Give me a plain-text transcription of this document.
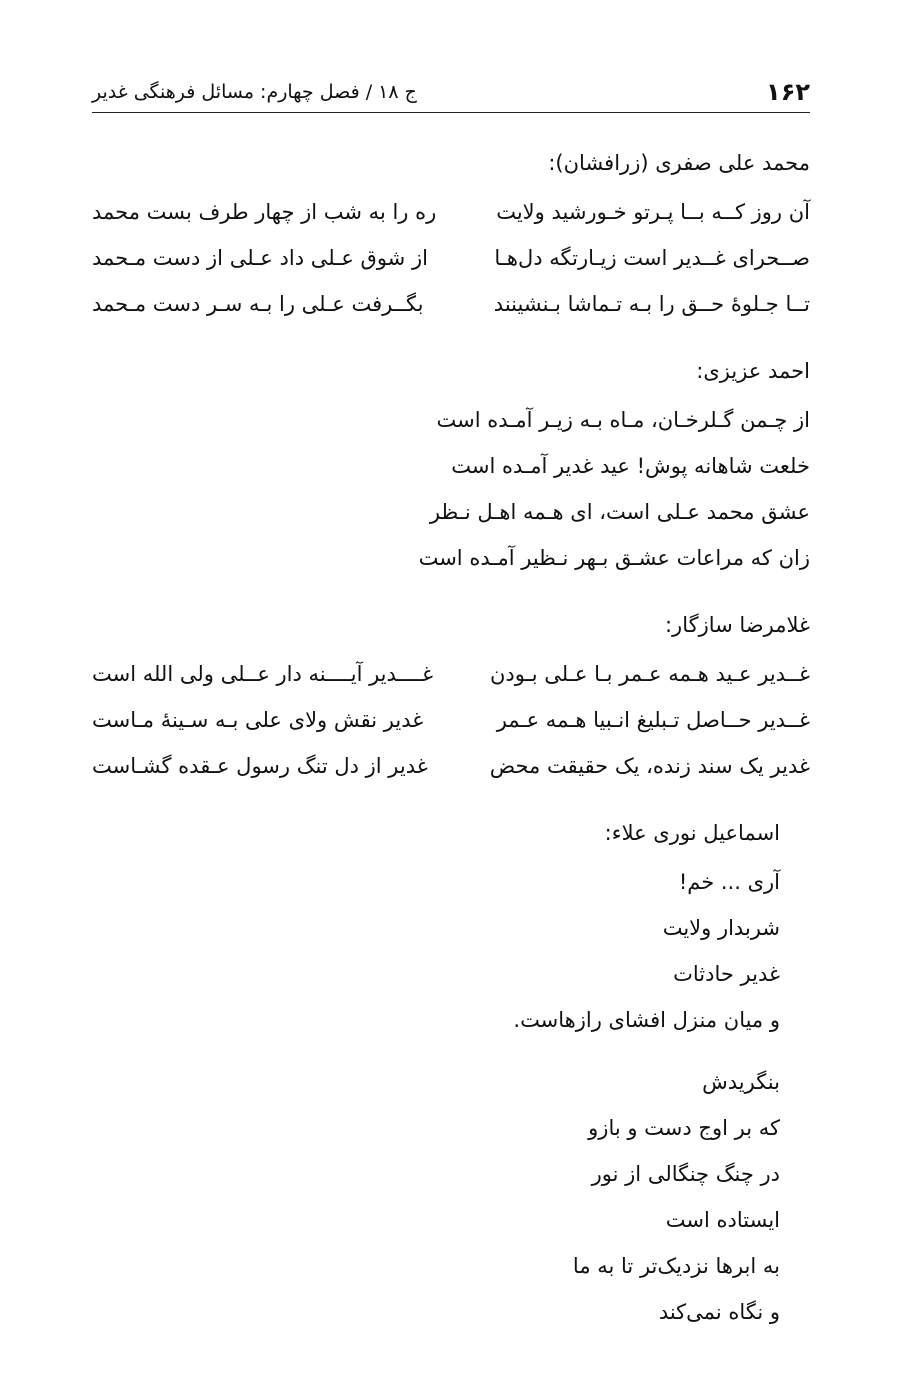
۱۶۲
ج ۱۸ / فصل چهارم: مسائل فرهنگی غدیر
محمد علی صفری (زرافشان):
آن روز کــه بــا پـرتو خـورشید ولایت
ره را به شب از چهار طرف بست محمد
صــحرای غــدیر است زیـارتگه دل‌هـا
از شوق عـلی داد عـلی از دست مـحمد
تــا جـلوهٔ حــق را بـه تـماشا بـنشینند
بگــرفت عـلی را بـه سـر دست مـحمد
احمد عزیزی:
از چـمن گـلرخـان، مـاه بـه زیـر آمـده است
خلعت شاهانه پوش! عید غدیر آمـده است
عشق محمد عـلی است، ای هـمه اهـل نـظر
زان که مراعات عشـق بـهر نـظیر آمـده است
غلامرضا سازگار:
غــدیر عـید هـمه عـمر بـا عـلی بـودن
غــــدیر آیــــنه دار عــلی ولی الله است
غــدیر حــاصل تـبلیغ انـبیا هـمه عـمر
غدیر نقش ولای علی بـه سـینهٔ مـاست
غدیر یک سند زنده، یک حقیقت محض
غدیر از دل تنگ رسول عـقده گشـاست
اسماعیل نوری علاء:
آری ... خم!
شربدار ولایت
غدیر حادثات
و میان منزل افشای رازهاست.
بنگریدش
که بر اوج دست و بازو
در چنگ چنگالی از نور
ایستاده است
به ابرها نزدیک‌تر تا به ما
و نگاه نمی‌کند
